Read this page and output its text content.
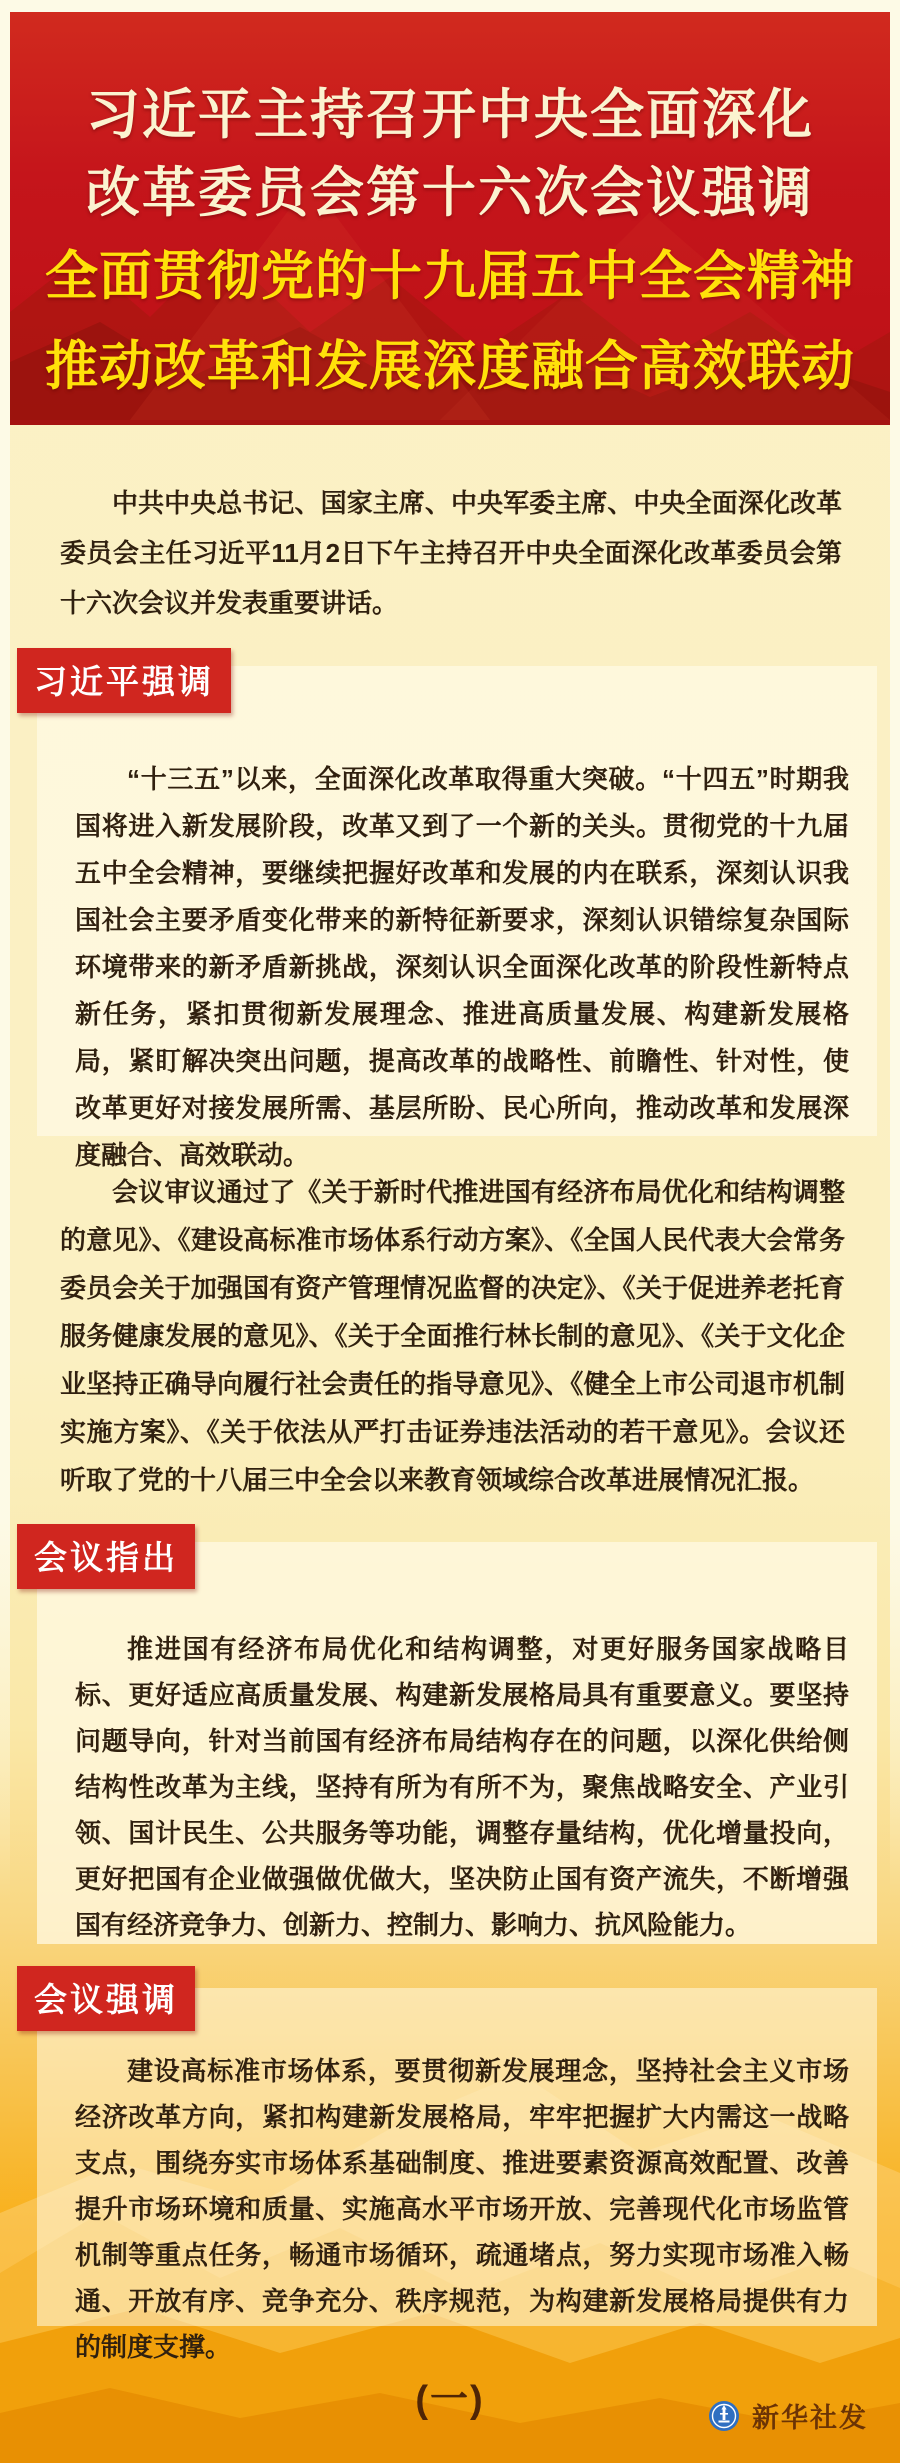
习近平主持召开中央全面深化
改革委员会第十六次会议强调
全面贯彻党的十九届五中全会精神
推动改革和发展深度融合高效联动

中共中央总书记、国家主席、中央军委主席、中央全面深化改革委员会主任习近平11月2日下午主持召开中央全面深化改革委员会第十六次会议并发表重要讲话。

“十三五”以来，全面深化改革取得重大突破。“十四五”时期我国将进入新发展阶段，改革又到了一个新的关头。贯彻党的十九届五中全会精神，要继续把握好改革和发展的内在联系，深刻认识我国社会主要矛盾变化带来的新特征新要求，深刻认识错综复杂国际环境带来的新矛盾新挑战，深刻认识全面深化改革的阶段性新特点新任务，紧扣贯彻新发展理念、推进高质量发展、构建新发展格局，紧盯解决突出问题，提高改革的战略性、前瞻性、针对性，使改革更好对接发展所需、基层所盼、民心所向，推动改革和发展深度融合、高效联动。

习近平强调

会议审议通过了《关于新时代推进国有经济布局优化和结构调整的意见》、《建设高标准市场体系行动方案》、《全国人民代表大会常务委员会关于加强国有资产管理情况监督的决定》、《关于促进养老托育服务健康发展的意见》、《关于全面推行林长制的意见》、《关于文化企业坚持正确导向履行社会责任的指导意见》、《健全上市公司退市机制实施方案》、《关于依法从严打击证券违法活动的若干意见》。会议还听取了党的十八届三中全会以来教育领域综合改革进展情况汇报。

推进国有经济布局优化和结构调整，对更好服务国家战略目标、更好适应高质量发展、构建新发展格局具有重要意义。要坚持问题导向，针对当前国有经济布局结构存在的问题，以深化供给侧结构性改革为主线，坚持有所为有所不为，聚焦战略安全、产业引领、国计民生、公共服务等功能，调整存量结构，优化增量投向，更好把国有企业做强做优做大，坚决防止国有资产流失，不断增强国有经济竞争力、创新力、控制力、影响力、抗风险能力。

会议指出

建设高标准市场体系，要贯彻新发展理念，坚持社会主义市场经济改革方向，紧扣构建新发展格局，牢牢把握扩大内需这一战略支点，围绕夯实市场体系基础制度、推进要素资源高效配置、改善提升市场环境和质量、实施高水平市场开放、完善现代化市场监管机制等重点任务，畅通市场循环，疏通堵点，努力实现市场准入畅通、开放有序、竞争充分、秩序规范，为构建新发展格局提供有力的制度支撑。

会议强调
(一)	新华社发
